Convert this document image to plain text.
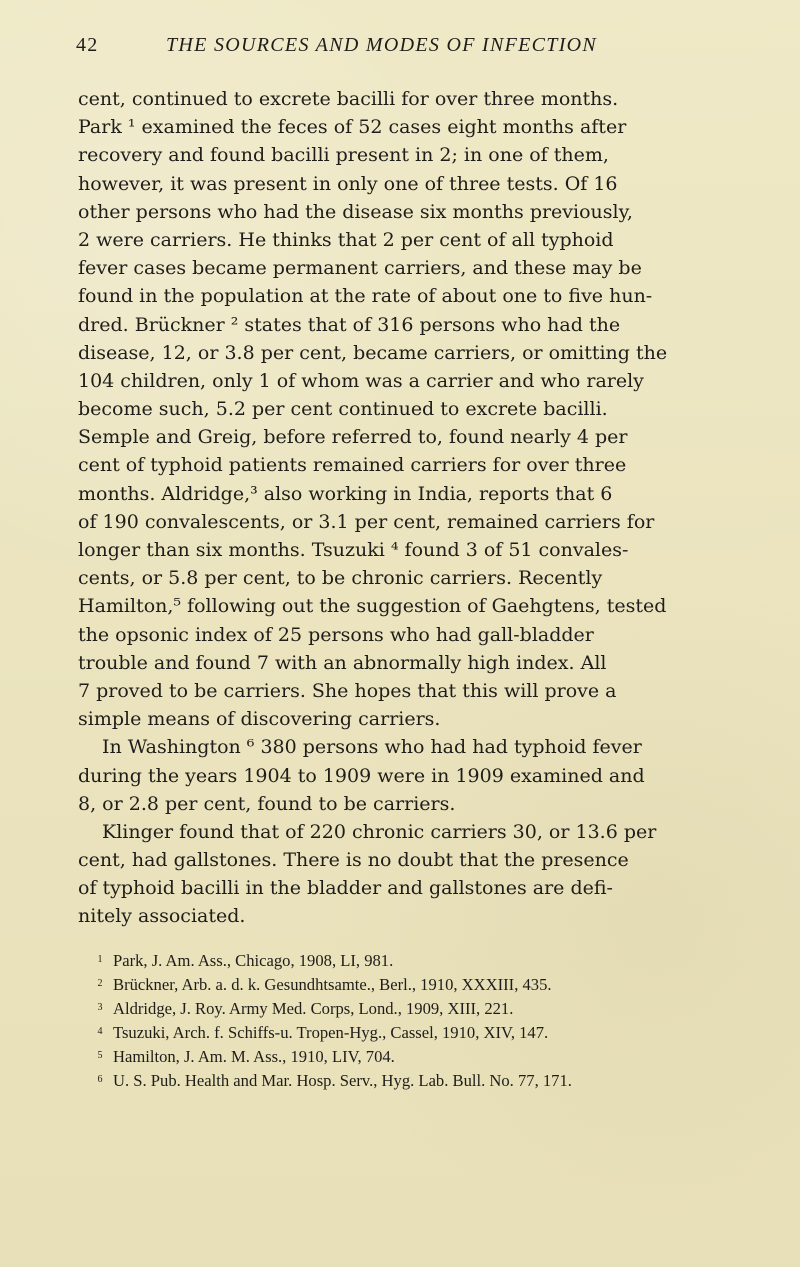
42	THE SOURCES AND MODES OF INFECTION
cent, continued to excrete bacilli for over three months.
Park ¹ examined the feces of 52 cases eight months after
recovery and found bacilli present in 2; in one of them,
however, it was present in only one of three tests. Of 16
other persons who had the disease six months previously,
2 were carriers. He thinks that 2 per cent of all typhoid
fever cases became permanent carriers, and these may be
found in the population at the rate of about one to five hun-
dred. Brückner ² states that of 316 persons who had the
disease, 12, or 3.8 per cent, became carriers, or omitting the
104 children, only 1 of whom was a carrier and who rarely
become such, 5.2 per cent continued to excrete bacilli.
Semple and Greig, before referred to, found nearly 4 per
cent of typhoid patients remained carriers for over three
months. Aldridge,³ also working in India, reports that 6
of 190 convalescents, or 3.1 per cent, remained carriers for
longer than six months. Tsuzuki ⁴ found 3 of 51 convales-
cents, or 5.8 per cent, to be chronic carriers. Recently
Hamilton,⁵ following out the suggestion of Gaehgtens, tested
the opsonic index of 25 persons who had gall-bladder
trouble and found 7 with an abnormally high index. All
7 proved to be carriers. She hopes that this will prove a
simple means of discovering carriers.
In Washington ⁶ 380 persons who had had typhoid fever
during the years 1904 to 1909 were in 1909 examined and
8, or 2.8 per cent, found to be carriers.
Klinger found that of 220 chronic carriers 30, or 13.6 per
cent, had gallstones. There is no doubt that the presence
of typhoid bacilli in the bladder and gallstones are defi-
nitely associated.
1 Park, J. Am. Ass., Chicago, 1908, LI, 981.
2 Brückner, Arb. a. d. k. Gesundhtsamte., Berl., 1910, XXXIII, 435.
3 Aldridge, J. Roy. Army Med. Corps, Lond., 1909, XIII, 221.
4 Tsuzuki, Arch. f. Schiffs-u. Tropen-Hyg., Cassel, 1910, XIV, 147.
5 Hamilton, J. Am. M. Ass., 1910, LIV, 704.
6 U. S. Pub. Health and Mar. Hosp. Serv., Hyg. Lab. Bull. No. 77, 171.
